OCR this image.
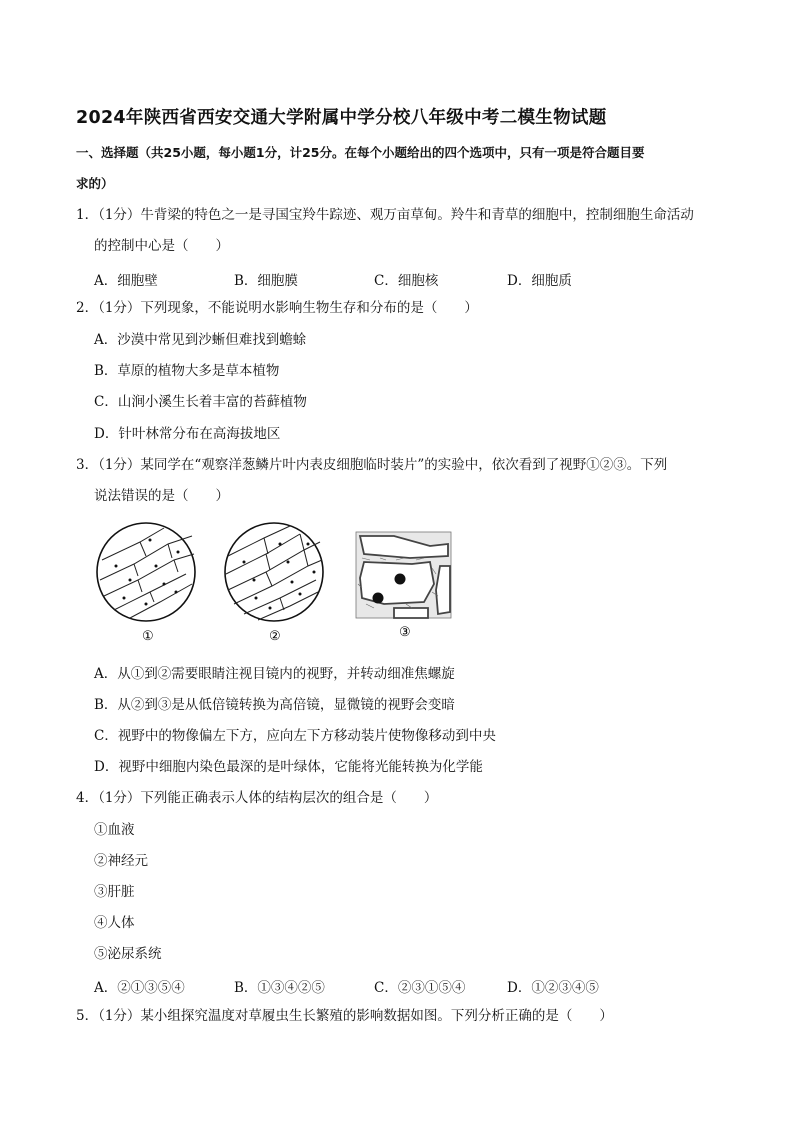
2024年陕西省西安交通大学附属中学分校八年级中考二模生物试题
一、选择题（共25小题，每小题1分，计25分。在每个小题给出的四个选项中，只有一项是符合题目要
求的）
1．（1分）牛背梁的特色之一是寻国宝羚牛踪迹、观万亩草甸。羚牛和青草的细胞中，控制细胞生命活动
的控制中心是（　　）
A．细胞壁	B．细胞膜	C．细胞核	D．细胞质
2．（1分）下列现象，不能说明水影响生物生存和分布的是（　　）
A．沙漠中常见到沙蜥但难找到蟾蜍
B．草原的植物大多是草本植物
C．山涧小溪生长着丰富的苔藓植物
D．针叶林常分布在高海拔地区
3．（1分）某同学在“观察洋葱鳞片叶内表皮细胞临时装片”的实验中，依次看到了视野①②③。下列
说法错误的是（　　）
①	②	③
A．从①到②需要眼睛注视目镜内的视野，并转动细准焦螺旋
B．从②到③是从低倍镜转换为高倍镜，显微镜的视野会变暗
C．视野中的物像偏左下方，应向左下方移动装片使物像移动到中央
D．视野中细胞内染色最深的是叶绿体，它能将光能转换为化学能
4．（1分）下列能正确表示人体的结构层次的组合是（　　）
①血液
②神经元
③肝脏
④人体
⑤泌尿系统
A．②①③⑤④	B．①③④②⑤	C．②③①⑤④	D．①②③④⑤
5．（1分）某小组探究温度对草履虫生长繁殖的影响数据如图。下列分析正确的是（　　）
